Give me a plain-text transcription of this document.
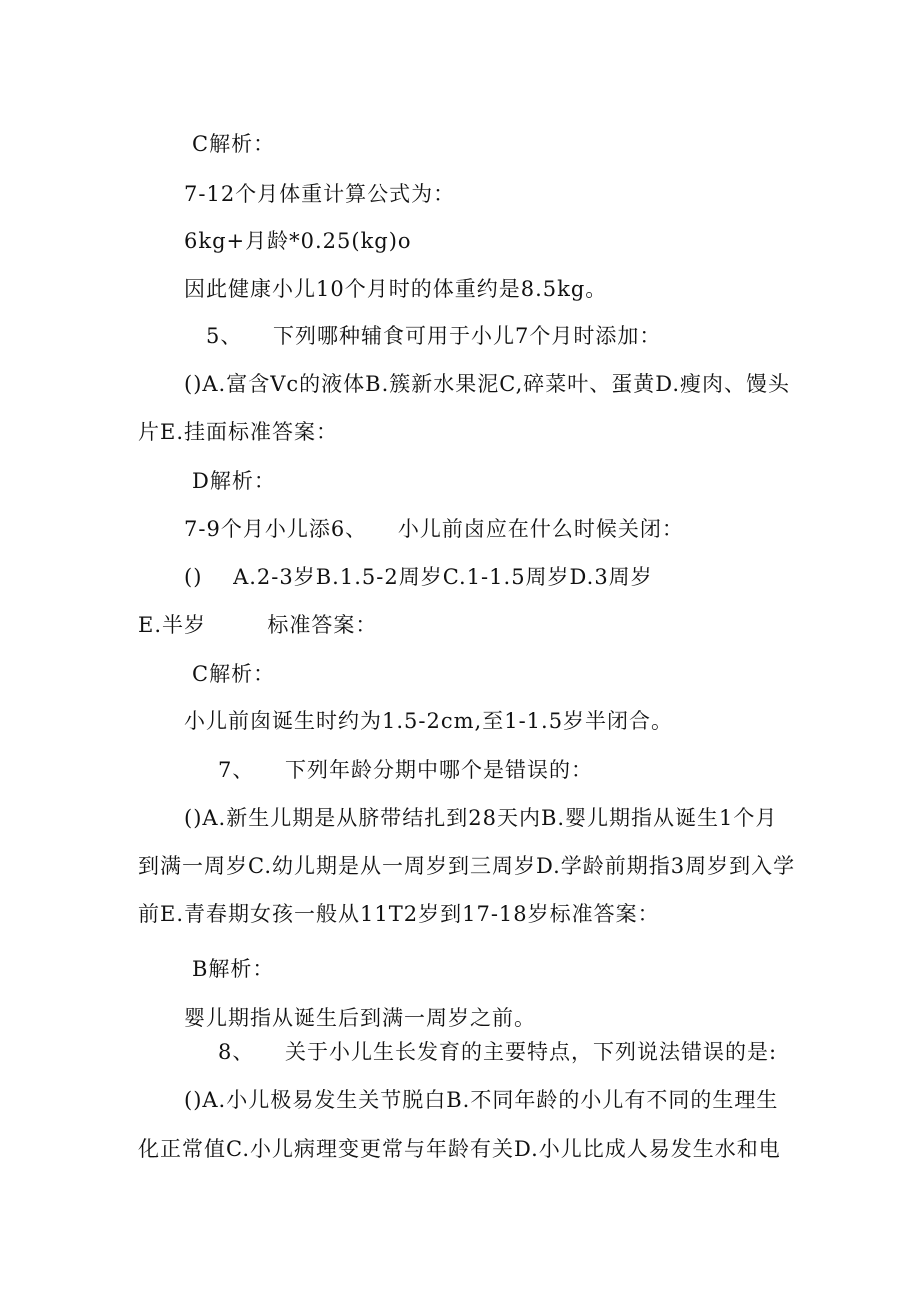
C解析：
7-12个月体重计算公式为：
6kg+月龄*0.25(kg)o
因此健康小儿10个月时的体重约是8.5kg。
5、    下列哪种辅食可用于小儿7个月时添加：
()A.富含Vc的液体B.簇新水果泥C,碎菜叶、蛋黄D.瘦肉、馒头
片E.挂面标准答案：
D解析：
7-9个月小儿添6、    小儿前卤应在什么时候关闭：
()    A.2-3岁B.1.5-2周岁C.1-1.5周岁D.3周岁
E.半岁        标准答案：
C解析：
小儿前囱诞生时约为1.5-2cm,至1-1.5岁半闭合。
7、    下列年龄分期中哪个是错误的：
()A.新生儿期是从脐带结扎到28天内B.婴儿期指从诞生1个月
到满一周岁C.幼儿期是从一周岁到三周岁D.学龄前期指3周岁到入学
前E.青春期女孩一般从11T2岁到17-18岁标准答案：
B解析：
婴儿期指从诞生后到满一周岁之前。
8、    关于小儿生长发育的主要特点，下列说法错误的是:
()A.小儿极易发生关节脱白B.不同年龄的小儿有不同的生理生
化正常值C.小儿病理变更常与年龄有关D.小儿比成人易发生水和电
